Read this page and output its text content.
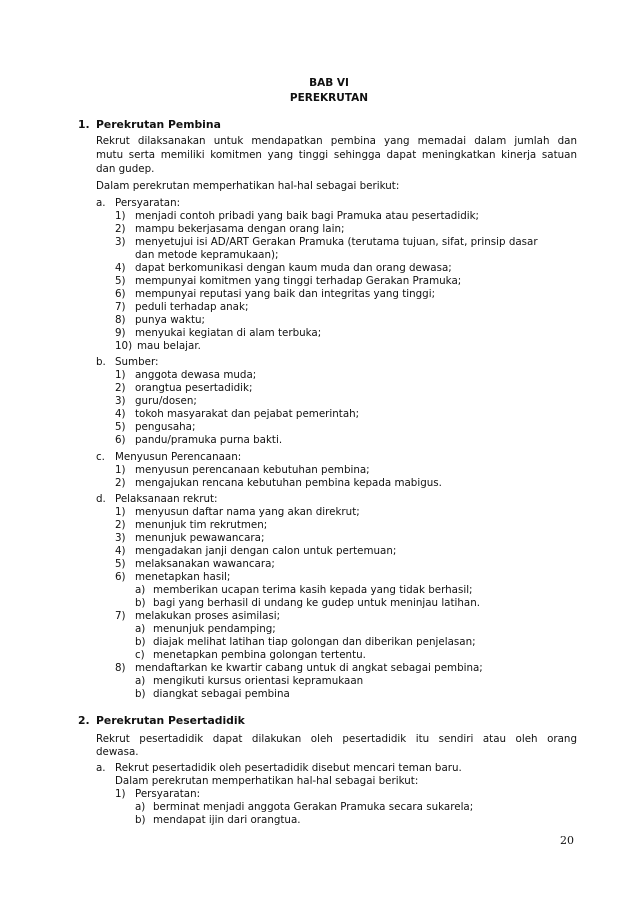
BAB VI
PEREKRUTAN
1. Perekrutan Pembina
Rekrut dilaksanakan untuk mendapatkan pembina yang memadai dalam jumlah dan
mutu serta memiliki komitmen yang tinggi sehingga dapat meningkatkan kinerja satuan
dan gudep.
Dalam perekrutan memperhatikan hal-hal sebagai berikut:
a. Persyaratan:
1) menjadi contoh pribadi yang baik bagi Pramuka atau pesertadidik;
2) mampu bekerjasama dengan orang lain;
3) menyetujui isi AD/ART Gerakan Pramuka (terutama tujuan, sifat, prinsip dasar
dan metode kepramukaan);
4) dapat berkomunikasi dengan kaum muda dan orang dewasa;
5) mempunyai komitmen yang tinggi terhadap Gerakan Pramuka;
6) mempunyai reputasi yang baik dan integritas yang tinggi;
7) peduli terhadap anak;
8) punya waktu;
9) menyukai kegiatan di alam terbuka;
10) mau belajar.
b. Sumber:
1) anggota dewasa muda;
2) orangtua pesertadidik;
3) guru/dosen;
4) tokoh masyarakat dan pejabat pemerintah;
5) pengusaha;
6) pandu/pramuka purna bakti.
c. Menyusun Perencanaan:
1) menyusun perencanaan kebutuhan pembina;
2) mengajukan rencana kebutuhan pembina kepada mabigus.
d. Pelaksanaan rekrut:
1) menyusun daftar nama yang akan direkrut;
2) menunjuk tim rekrutmen;
3) menunjuk pewawancara;
4) mengadakan janji dengan calon untuk pertemuan;
5) melaksanakan wawancara;
6) menetapkan hasil;
a) memberikan ucapan terima kasih kepada yang tidak berhasil;
b) bagi yang berhasil di undang ke gudep untuk meninjau latihan.
7) melakukan proses asimilasi;
a) menunjuk pendamping;
b) diajak melihat latihan tiap golongan dan diberikan penjelasan;
c) menetapkan pembina golongan tertentu.
8) mendaftarkan ke kwartir cabang untuk di angkat sebagai pembina;
a) mengikuti kursus orientasi kepramukaan
b) diangkat sebagai pembina
2. Perekrutan Pesertadidik
Rekrut pesertadidik dapat dilakukan oleh pesertadidik itu sendiri atau oleh orang
dewasa.
a. Rekrut pesertadidik oleh pesertadidik disebut mencari teman baru.
Dalam perekrutan memperhatikan hal-hal sebagai berikut:
1) Persyaratan:
a) berminat menjadi anggota Gerakan Pramuka secara sukarela;
b) mendapat ijin dari orangtua.
20
